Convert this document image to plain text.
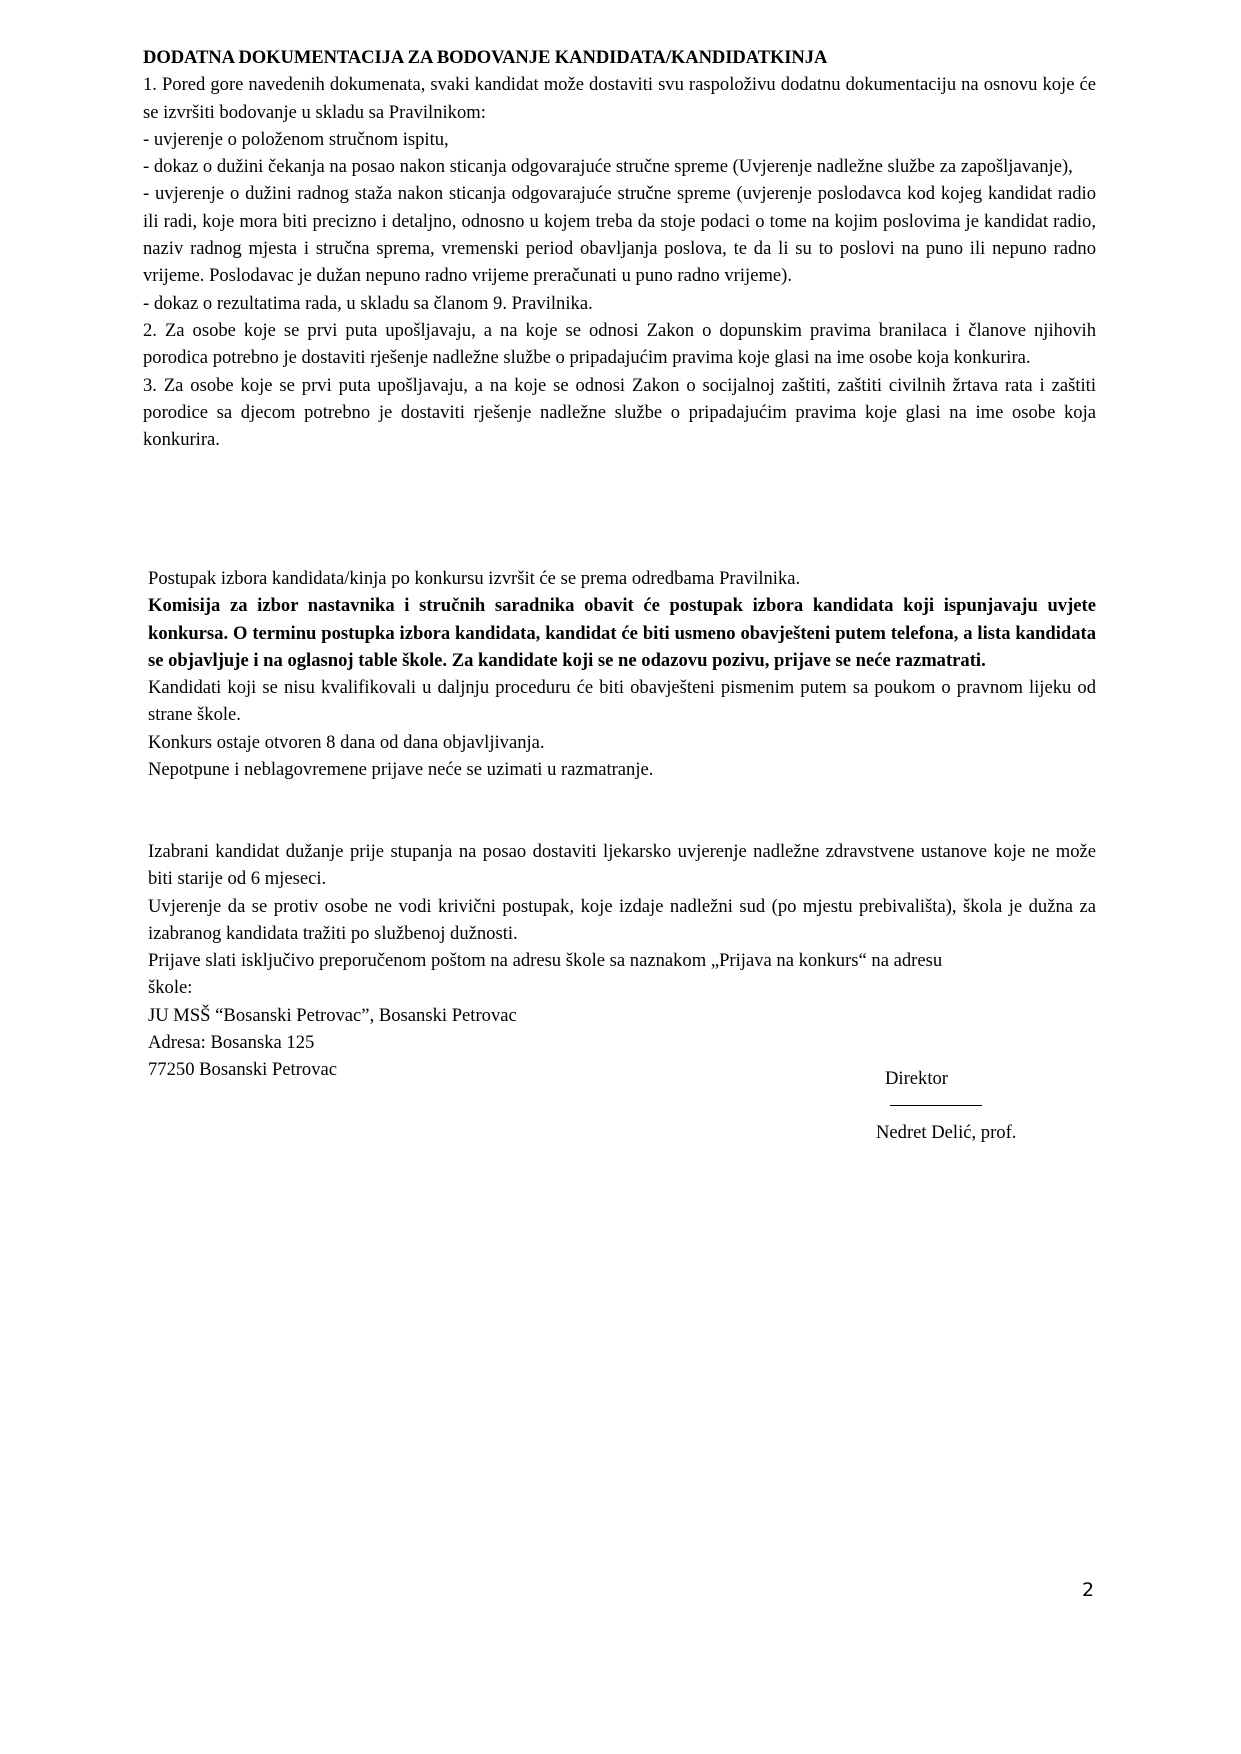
DODATNA DOKUMENTACIJA ZA BODOVANJE KANDIDATA/KANDIDATKINJA

1. Pored gore navedenih dokumenata, svaki kandidat može dostaviti svu raspoloživu dodatnu dokumentaciju na osnovu koje će se izvršiti bodovanje u skladu sa Pravilnikom:

- uvjerenje o položenom stručnom ispitu,

- dokaz o dužini čekanja na posao nakon sticanja odgovarajuće stručne spreme (Uvjerenje nadležne službe za zapošljavanje),

- uvjerenje o dužini radnog staža nakon sticanja odgovarajuće stručne spreme (uvjerenje poslodavca kod kojeg kandidat radio ili radi, koje mora biti precizno i detaljno, odnosno u kojem treba da stoje podaci o tome na kojim poslovima je kandidat radio, naziv radnog mjesta i stručna sprema, vremenski period obavljanja poslova, te da li su to poslovi na puno ili nepuno radno vrijeme. Poslodavac je dužan nepuno radno vrijeme preračunati u puno radno vrijeme).

- dokaz o rezultatima rada, u skladu sa članom 9. Pravilnika.

2. Za osobe koje se prvi puta upošljavaju, a na koje se odnosi Zakon o dopunskim pravima branilaca i članove njihovih porodica potrebno je dostaviti rješenje nadležne službe o pripadajućim pravima koje glasi na ime osobe koja konkurira.

3. Za osobe koje se prvi puta upošljavaju, a na koje se odnosi Zakon o socijalnoj zaštiti, zaštiti civilnih žrtava rata i zaštiti porodice sa djecom potrebno je dostaviti rješenje nadležne službe o pripadajućim pravima koje glasi na ime osobe koja konkurira.

Postupak izbora kandidata/kinja po konkursu izvršit će se prema odredbama Pravilnika.

Komisija za izbor nastavnika i stručnih saradnika obavit će postupak izbora kandidata koji ispunjavaju uvjete konkursa. O terminu postupka izbora kandidata, kandidat će biti usmeno obavješteni putem telefona, a lista kandidata se objavljuje i na oglasnoj table škole. Za kandidate koji se ne odazovu pozivu, prijave se neće razmatrati.

Kandidati koji se nisu kvalifikovali u daljnju proceduru će biti obavješteni pismenim putem sa poukom o pravnom lijeku od strane škole.

Konkurs ostaje otvoren 8 dana od dana objavljivanja.

Nepotpune i neblagovremene prijave neće se uzimati u razmatranje.

Izabrani kandidat dužanje prije stupanja na posao dostaviti ljekarsko uvjerenje nadležne zdravstvene ustanove koje ne može biti starije od 6 mjeseci.

Uvjerenje da se protiv osobe ne vodi krivični postupak, koje izdaje nadležni sud (po mjestu prebivališta), škola je dužna za izabranog kandidata tražiti po službenoj dužnosti.

Prijave slati isključivo preporučenom poštom na adresu škole sa naznakom „Prijava na konkurs“ na adresu

škole:

JU MSŠ “Bosanski Petrovac”, Bosanski Petrovac

Adresa: Bosanska 125

77250 Bosanski Petrovac	Direktor
Nedret Delić, prof.
2
